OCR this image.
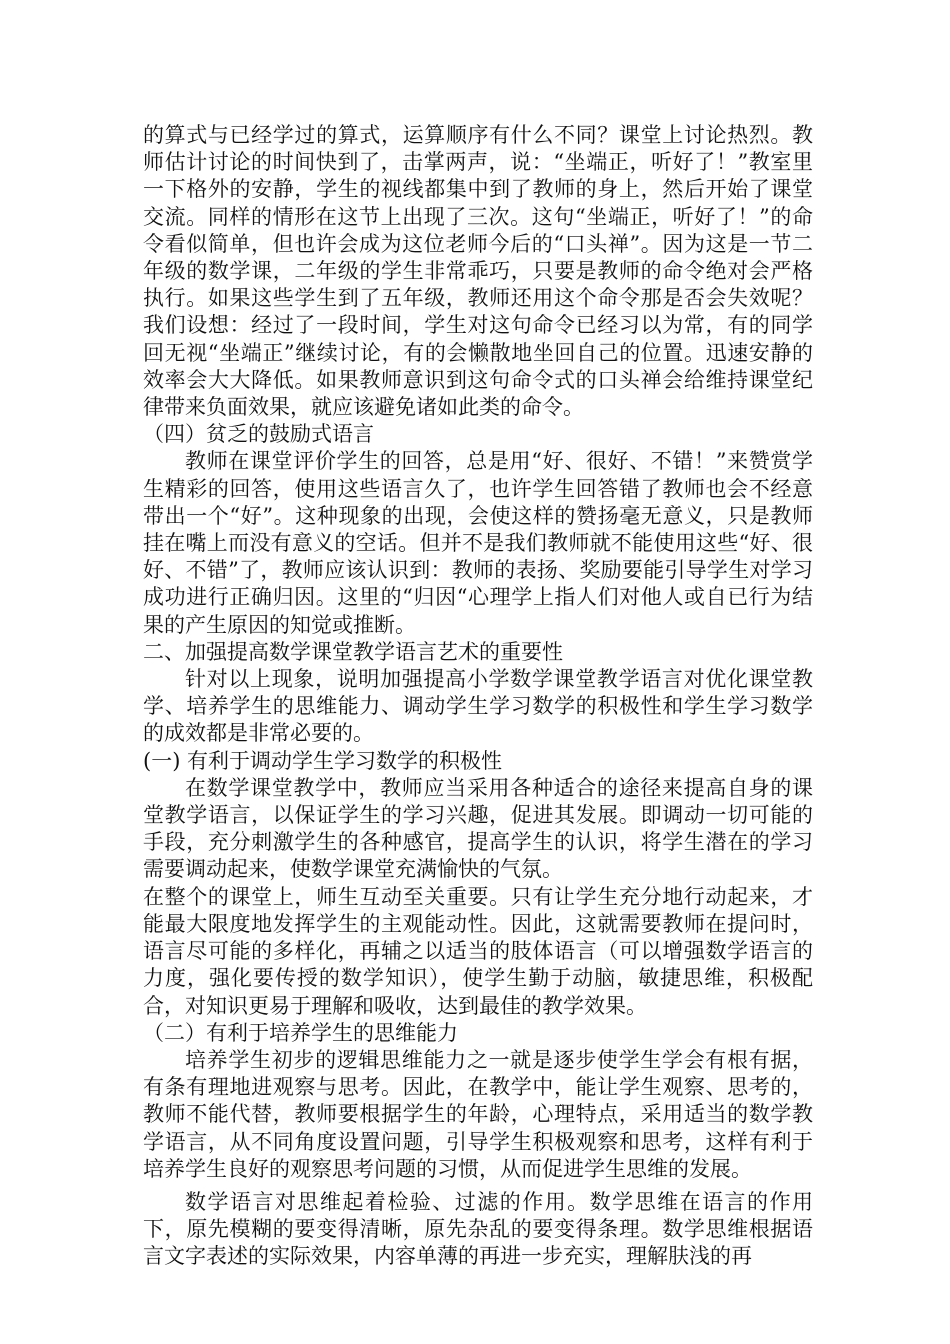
的算式与已经学过的算式，运算顺序有什么不同？课堂上讨论热烈。教师估计讨论的时间快到了，击掌两声，说：“坐端正，听好了！”教室里一下格外的安静，学生的视线都集中到了教师的身上，然后开始了课堂交流。同样的情形在这节上出现了三次。这句“坐端正，听好了！”的命令看似简单，但也许会成为这位老师今后的“口头禅”。因为这是一节二年级的数学课，二年级的学生非常乖巧，只要是教师的命令绝对会严格执行。如果这些学生到了五年级，教师还用这个命令那是否会失效呢？我们设想：经过了一段时间，学生对这句命令已经习以为常，有的同学回无视“坐端正”继续讨论，有的会懒散地坐回自己的位置。迅速安静的效率会大大降低。如果教师意识到这句命令式的口头禅会给维持课堂纪律带来负面效果，就应该避免诸如此类的命令。

（四）贫乏的鼓励式语言

教师在课堂评价学生的回答，总是用“好、很好、不错！”来赞赏学生精彩的回答，使用这些语言久了，也许学生回答错了教师也会不经意带出一个“好”。这种现象的出现，会使这样的赞扬毫无意义，只是教师挂在嘴上而没有意义的空话。但并不是我们教师就不能使用这些“好、很好、不错”了，教师应该认识到：教师的表扬、奖励要能引导学生对学习成功进行正确归因。这里的“归因“心理学上指人们对他人或自已行为结果的产生原因的知觉或推断。

二、加强提高数学课堂教学语言艺术的重要性

针对以上现象，说明加强提高小学数学课堂教学语言对优化课堂教学、培养学生的思维能力、调动学生学习数学的积极性和学生学习数学的成效都是非常必要的。

(一) 有利于调动学生学习数学的积极性

在数学课堂教学中，教师应当采用各种适合的途径来提高自身的课堂教学语言，以保证学生的学习兴趣，促进其发展。即调动一切可能的手段，充分刺激学生的各种感官，提高学生的认识，将学生潜在的学习需要调动起来，使数学课堂充满愉快的气氛。

在整个的课堂上，师生互动至关重要。只有让学生充分地行动起来，才能最大限度地发挥学生的主观能动性。因此，这就需要教师在提问时，语言尽可能的多样化，再辅之以适当的肢体语言（可以增强数学语言的力度，强化要传授的数学知识），使学生勤于动脑，敏捷思维，积极配合，对知识更易于理解和吸收，达到最佳的教学效果。

（二）有利于培养学生的思维能力

培养学生初步的逻辑思维能力之一就是逐步使学生学会有根有据，有条有理地进观察与思考。因此，在教学中，能让学生观察、思考的，教师不能代替，教师要根据学生的年龄，心理特点，采用适当的数学教学语言，从不同角度设置问题，引导学生积极观察和思考，这样有利于培养学生良好的观察思考问题的习惯，从而促进学生思维的发展。

数学语言对思维起着检验、过滤的作用。数学思维在语言的作用下，原先模糊的要变得清晰，原先杂乱的要变得条理。数学思维根据语言文字表述的实际效果，内容单薄的再进一步充实，理解肤浅的再
